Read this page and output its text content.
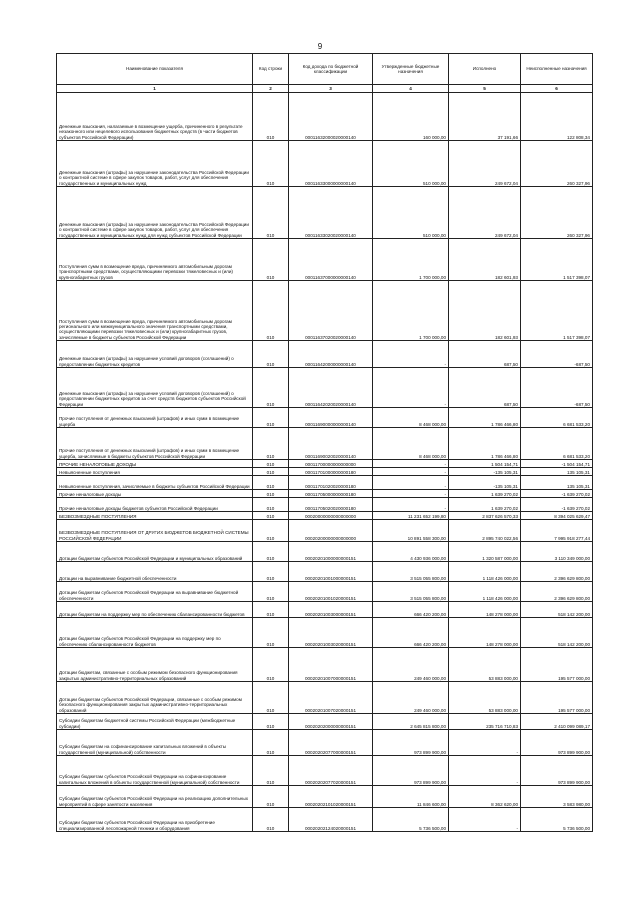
9
Наименование показателя	Код строки	Код дохода по бюджетной классификации	Утвержденные бюджетные назначения	Исполнено	Неисполненные назначения
1	2	3	4	5	6
Денежные взыскания, налагаемые в возмещение ущерба, причиненного в результате незаконного или нецелевого использования бюджетных средств (в части бюджетов субъектов Российской Федерации)	010	00011632000020000140	160 000,00	37 191,66	122 808,34
Денежные взыскания (штрафы) за нарушение законодательства Российской Федерации о контрактной системе в сфере закупок товаров, работ, услуг для обеспечения государственных и муниципальных нужд	010	00011633000000000140	510 000,00	249 672,04	260 327,96
Денежные взыскания (штрафы) за нарушение законодательства Российской Федерации о контрактной системе в сфере закупок товаров, работ, услуг для обеспечения государственных и муниципальных нужд для нужд субъектов Российской Федерации	010	00011633020020000140	510 000,00	249 672,04	260 327,96
Поступления сумм в возмещение вреда, причиняемого автомобильным дорогам транспортными средствами, осуществляющими перевозки тяжеловесных и (или) крупногабаритных грузов	010	00011637000000000140	1 700 000,00	182 601,93	1 517 398,07
Поступления сумм в возмещение вреда, причиняемого автомобильным дорогам регионального или межмуниципального значения транспортными средствами, осуществляющими перевозки тяжеловесных и (или) крупногабаритных грузов, зачисляемые в бюджеты субъектов Российской Федерации	010	00011637020020000140	1 700 000,00	182 601,93	1 517 398,07
Денежные взыскания (штрафы) за нарушение условий договоров (соглашений) о предоставлении бюджетных кредитов	010	00011642000000000140	-	687,50	-687,50
Денежные взыскания (штрафы) за нарушение условий договоров (соглашений) о предоставлении бюджетных кредитов за счет средств бюджетов субъектов Российской Федерации	010	00011642020020000140	-	687,50	-687,50
Прочие поступления от денежных взысканий (штрафов) и иных сумм в возмещение ущерба	010	00011690000000000140	8 468 000,00	1 786 466,80	6 681 533,20
Прочие поступления от денежных взысканий (штрафов) и иных сумм в возмещение ущерба, зачисляемые в бюджеты субъектов Российской Федерации	010	00011690020020000140	8 468 000,00	1 786 466,80	6 681 533,20
ПРОЧИЕ НЕНАЛОГОВЫЕ ДОХОДЫ	010	00011700000000000000	-	1 504 154,71	-1 504 154,71
Невыясненные поступления	010	00011701000000000180	-	-135 105,31	135 105,31
Невыясненные поступления, зачисляемые в бюджеты субъектов Российской Федерации	010	00011701020020000180	-	-135 105,31	135 105,31
Прочие неналоговые доходы	010	00011705000000000180	-	1 639 270,02	-1 639 270,02
Прочие неналоговые доходы бюджетов субъектов Российской Федерации	010	00011705020020000180	-	1 639 270,02	-1 639 270,02
БЕЗВОЗМЕЗДНЫЕ ПОСТУПЛЕНИЯ	010	00020000000000000000	11 231 652 199,80	2 837 626 570,33	8 394 025 629,47
БЕЗВОЗМЕЗДНЫЕ ПОСТУПЛЕНИЯ ОТ ДРУГИХ БЮДЖЕТОВ БЮДЖЕТНОЙ СИСТЕМЫ РОССИЙСКОЙ ФЕДЕРАЦИИ	010	00020200000000000000	10 891 558 300,00	2 895 740 022,56	7 995 918 277,44
Дотации бюджетам субъектов Российской Федерации и муниципальных образований	010	00020201000000000151	4 430 936 000,00	1 320 587 000,00	3 110 349 000,00
Дотации на выравнивание бюджетной обеспеченности	010	00020201001000000151	3 515 055 800,00	1 118 426 000,00	2 396 629 800,00
Дотации бюджетам субъектов Российской Федерации на выравнивание бюджетной обеспеченности	010	00020201001020000151	3 515 055 800,00	1 118 426 000,00	2 396 629 800,00
Дотации бюджетам на поддержку мер по обеспечению сбалансированности бюджетов	010	00020201003000000151	666 420 200,00	148 278 000,00	518 142 200,00
Дотации бюджетам субъектов Российской Федерации на поддержку мер по обеспечению сбалансированности бюджетов	010	00020201003020000151	666 420 200,00	148 278 000,00	518 142 200,00
Дотации бюджетам, связанные с особым режимом безопасного функционирования закрытых административно-территориальных образований	010	00020201007000000151	249 460 000,00	53 883 000,00	195 577 000,00
Дотации бюджетам субъектов Российской Федерации, связанные с особым режимом безопасного функционирования закрытых административно-территориальных образований	010	00020201007020000151	249 460 000,00	53 883 000,00	195 577 000,00
Субсидии бюджетам бюджетной системы Российской Федерации (межбюджетные субсидии)	010	00020202000000000151	2 645 815 800,00	235 716 710,83	2 410 099 089,17
Субсидии бюджетам на софинансирование капитальных вложений в объекты государственной (муниципальной) собственности	010	00020202077000000151	973 899 900,00	-	973 899 900,00
Субсидии бюджетам субъектов Российской Федерации на софинансирование капитальных вложений в объекты государственной (муниципальной) собственности	010	00020202077020000151	973 899 900,00	-	973 899 900,00
Субсидии бюджетам субъектов Российской Федерации на реализацию дополнительных мероприятий в сфере занятости населения	010	00020202101020000151	11 846 600,00	8 362 620,00	3 583 980,00
Субсидии бюджетам субъектов Российской Федерации на приобретение специализированной лесопожарной техники и оборудования	010	00020202124020000151	5 736 500,00	-	5 736 500,00
